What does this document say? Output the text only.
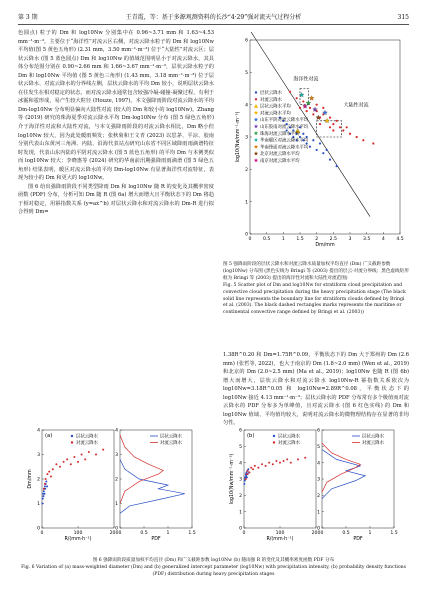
第 3 期	王青霞，等：基于多源观测资料的长沙“4·29”强对流天气过程分析	315

色圆点) 粒子的 Dm 和 log10Nw 分别集中在 0.96~3.71 mm 和 1.63~4.53 mm⁻¹·m⁻³，主要位于“海洋性”对流云区右侧，对流云降水粒子的 Dm 和 log10Nw 平均值(图 5 黄色五角形) (2.31 mm，3.50 mm⁻¹·m⁻³) 位于“大陆性”对流云区；层状云降水 (图 5 蓝色圆点) Dm 和 log10Nw 的值域范围明显小于对流云降水，其具体分布范围分别在 0.90~2.66 mm 和 1.66~3.67 mm⁻¹·m⁻³，层状云降水粒子的 Dm 和 log10Nw 平均值 (图 5 黄色三角形) (1.43 mm，3.18 mm⁻¹·m⁻³) 位于层状云降水、对流云降水的分界线左侧，层状云降水的平均 Dm 较小，说明层状云降水在往发生在相对稳定的状态，而对流云降水通常包含较强冷凝-碰撞-凝聚过程，有利于冰霰和雹形成，易产生较大粒径 (Houze, 1997)。本文强降雨阶段对流云降水的平均 Dm-log10Nw 分布明显偏向大陆性对流 (较大的 Dm 和较小的 log10Nw)。Zhang 等 (2019) 研究的珠海夏季对流云降水平均 Dm-log10Nw 分布 (图 5 绿色五角形) 介于海洋性对流和大陆性对流，与本文强降雨阶段的对流云降水相比，Dm 略小但 log10Nw 较大，因为此处暖雨频发；张秋菊和王文青 (2023) 以思茅、平凉、胶南分别代表山东黄河三角洲、内陆、沿海代表站点研究山东省不同区域降雨雨滴谱特征时发现，代表山东内陆的平阴对流云降水 (图 5 蓝色五角形) 的平均 Dm 与本例类似而 log10Nw 较大；李晓惠等 (2024) 研究的华南前汛期强降雨雨滴谱 (图 5 绿色五角形) 结果表明，暖区对流云降水的平均 Dm-log10Nw 有显著海洋性对流特征，表现为较小的 Dm 和更大的 log10Nw。

图 6 给出强降雨阶段不同类型降雨 Dm 和 log10Nw 随 R 的变化及其概率密度函数 (PDF) 分布，分析可知 Dm 随 R (图 6a) 增大而增大且平衡状态下的 Dm 将趋于相对稳定，用幂指数关系 (y=ax^b) 对层状云降水和对流云降水的 Dm-R 进行拟合得到 Dm=

0	0.5	1	1.5	2	2.5	3	3.5	4	4.5
0
1
2
3
4
5
6
Dm/mm
log10(Nw/mm⁻¹·m⁻³)
海洋性对流
大陆性对流
层状云降水
对流云降水
层状云降水平均
对流云降水平均
山东平阴对流云降水平均
山东胶南对流云降水平均
珠海对流云降水平均
华南暖区对流云降水平均
华南锋面对流云降水平均
北京对流云降水平均
南京对流云降水平均

图 5 强降雨阶段的层状云降水和对流云降水质量加权平均直径 (Dm) 广义截距参数 (log10Nw) 分布图 (黑色实线为 Bringi 等 (2003) 提出的层云-对流分界线；黑色虚线矩形框为 Bringi 等 (2003) 提出的海洋性对流和大陆性对流范围)

Fig. 5 Scatter plot of Dm and log10Nw for stratiform cloud precipitation and convective cloud precipitation during the heavy precipitation stage (The black solid line represents the boundary line for stratiform clouds defined by Bringi et al. (2003). The black dashed rectangles marks represents the maritime or continental convective range defined by Bringi et al. (2003))

1.38R^0.20 和 Dm=1.75R^0.09，平衡状态下的 Dm 大于郑州的 Dm (2.6 mm) (张哲等, 2022)，也大于南京的 Dm (1.8~2.0 mm) (Wen et al., 2019) 和北京的 Dm (2.0~2.5 mm) (Ma et al., 2019)；log10Nw 也随 R (图 6b) 增大而增大，层状云降水和对流云降水 log10Nw-R 幂指数关系依次为 log10Nw=3.18R^0.05 和 log10Nw=2.89R^0.08，平衡状态下的 log10Nw 接近 4.13 mm⁻¹·m⁻³；层状云降水的 PDF 分布常有多个极值而对流云降水的 PDF 分布多为单峰值，且对流云降水 (图 6 红色实线) 的 Dm 和 log10Nw 值域、平均值均较大，说明对流云降水的微物理结构存在显著的非均匀性。

0	100	200
0
1
2
3
4
R/(mm·h⁻¹)
Dm/mm
层状云降水
对流云降水
(a)
0	0.5	1	1.5
0
1
2
3
4
PDF
层状云降水
对流云降水
0	100	200
0
1
2
3
4
5
6
R/(mm·h⁻¹)
log10(Nw/mm⁻¹·m⁻³)
层状云降水
对流云降水
(b)
0	0.5	1	1.5
0
1
2
3
4
5
6
PDF
层状云降水
对流云降水

图 6 强降雨阶段质量加权平均直径 (Dm) 和广义截距参数 log10Nw (b) 随雨强 R 的变化及其概率密度函数 PDF 分布

Fig. 6 Variation of (a) mass-weighted diameter (Dm) and (b) generalized intercept parameter (log10Nw) with precipitation intensity, (b) probability density functions (PDF) distribution during heavy precipitation stages
